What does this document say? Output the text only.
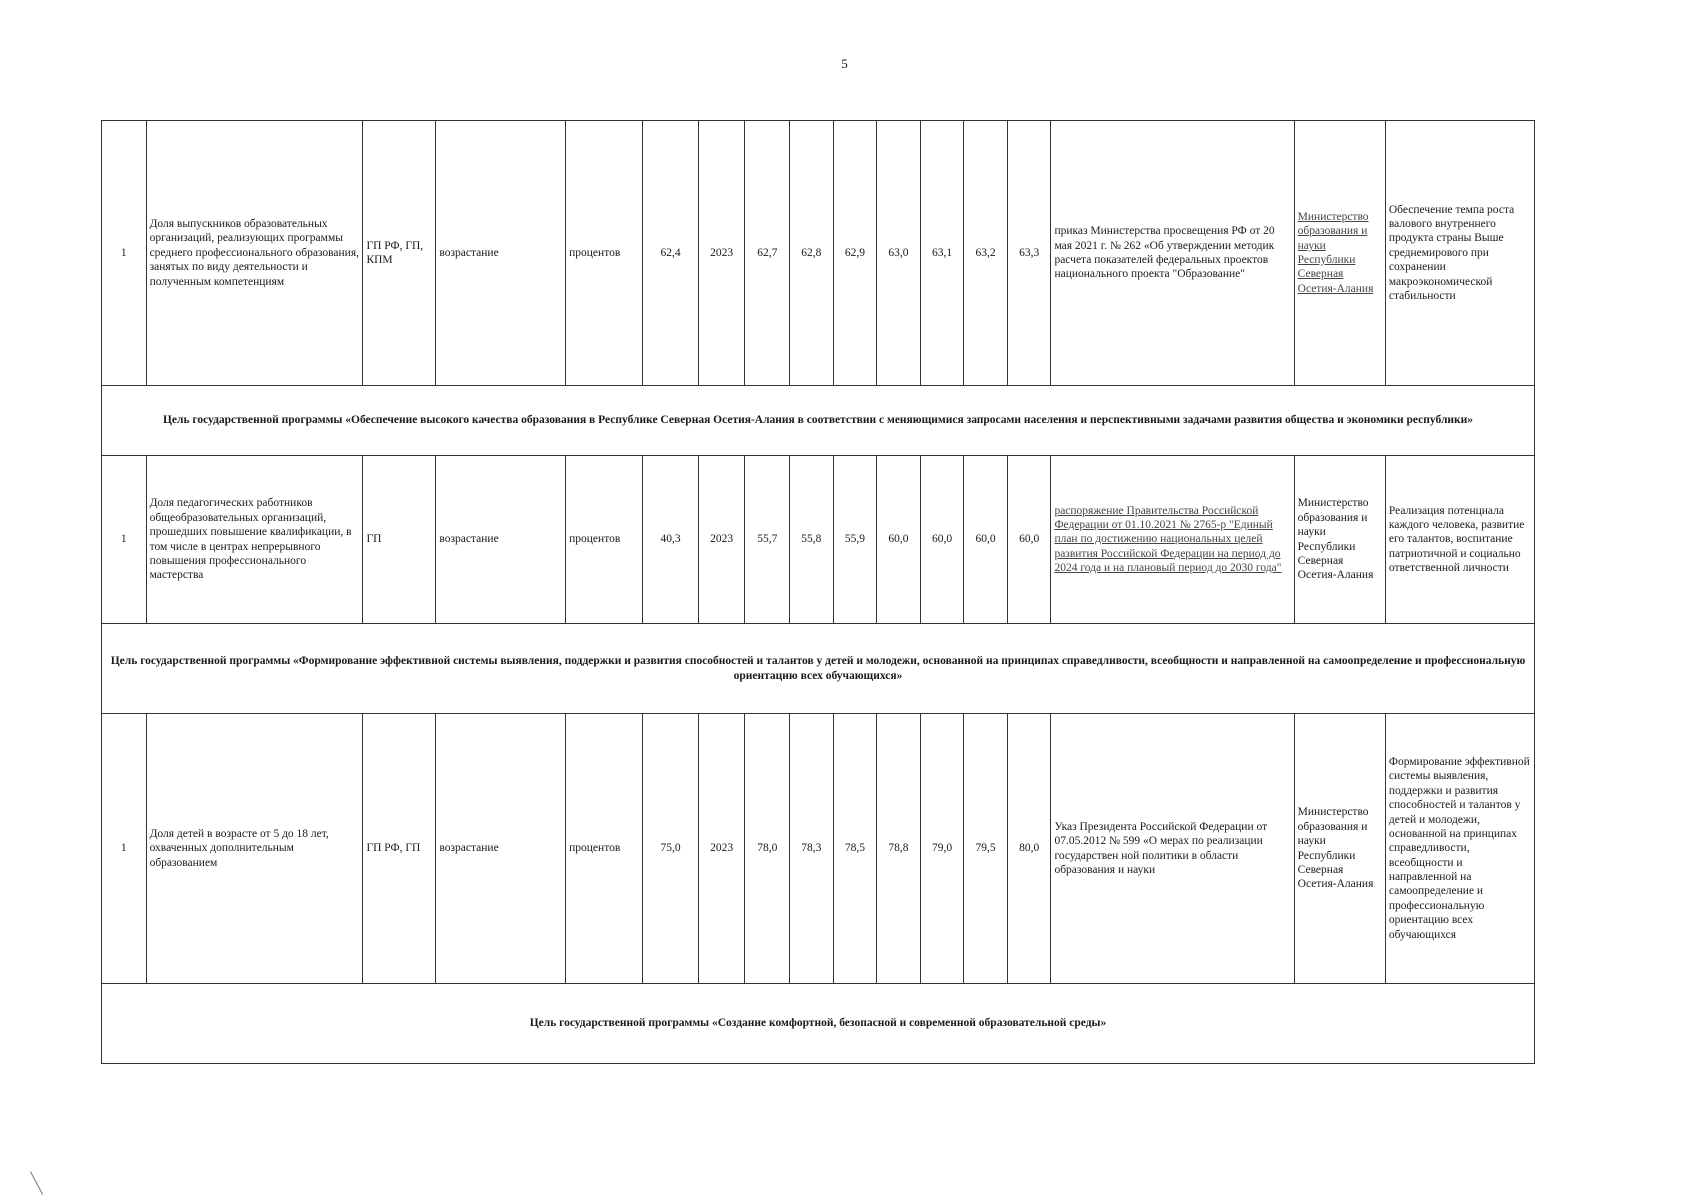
5
1	Доля выпускников образовательных организаций, реализующих программы среднего профессионального образования, занятых по виду деятельности и полученным компетенциям	ГП РФ, ГП, КПМ	возрастание	процентов	62,4	2023	62,7	62,8	62,9	63,0	63,1	63,2	63,3	приказ Министерства просвещения РФ от 20 мая 2021 г. № 262 «Об утверждении методик расчета показателей федеральных проектов национального проекта "Образование"	Министерство образования и науки Республики Северная Осетия-Алания	Обеспечение темпа роста валового внутреннего продукта страны Выше среднемирового при сохранении макроэкономической стабильности
Цель государственной программы «Обеспечение высокого качества образования в Республике Северная Осетия-Алания в соответствии с меняющимися запросами населения и перспективными задачами развития общества и экономики республики»																
1	Доля педагогических работников общеобразовательных организаций, прошедших повышение квалификации, в том числе в центрах непрерывного повышения профессионального мастерства	ГП	возрастание	процентов	40,3	2023	55,7	55,8	55,9	60,0	60,0	60,0	60,0	распоряжение Правительства Российской Федерации от 01.10.2021 № 2765-р "Единый план по достижению национальных целей развития Российской Федерации на период до 2024 года и на плановый период до 2030 года"	Министерство образования и науки Республики Северная Осетия-Алания	Реализация потенциала каждого человека, развитие его талантов, воспитание патриотичной и социально ответственной личности
Цель государственной программы «Формирование эффективной системы выявления, поддержки и развития способностей и талантов у детей и молодежи, основанной на принципах справедливости, всеобщности и направленной на самоопределение и профессиональную ориентацию всех обучающихся»																
1	Доля детей в возрасте от 5 до 18 лет, охваченных дополнительным образованием	ГП РФ, ГП	возрастание	процентов	75,0	2023	78,0	78,3	78,5	78,8	79,0	79,5	80,0	Указ Президента Российской Федерации от 07.05.2012 № 599 «О мерах по реализации государствен ной политики в области образования и науки	Министерство образования и науки Республики Северная Осетия-Алания	Формирование эффективной системы выявления, поддержки и развития способностей и талантов у детей и молодежи, основанной на принципах справедливости, всеобщности и направленной на самоопределение и профессиональную ориентацию всех обучающихся
Цель государственной программы «Создание комфортной, безопасной и современной образовательной среды»																
